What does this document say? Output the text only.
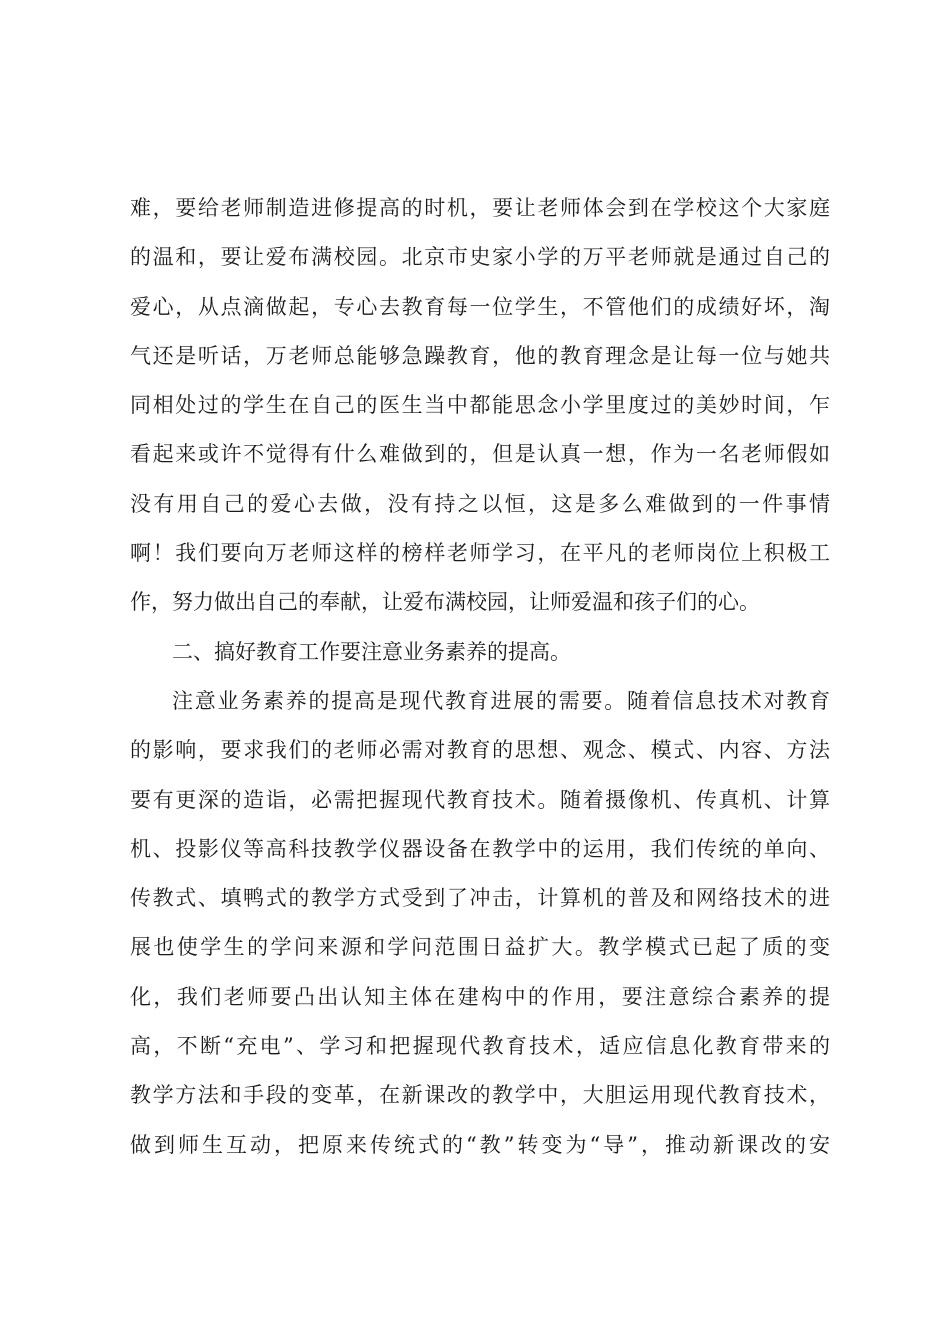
难，要给老师制造进修提高的时机，要让老师体会到在学校这个大家庭
的温和，要让爱布满校园。北京市史家小学的万平老师就是通过自己的
爱心，从点滴做起，专心去教育每一位学生，不管他们的成绩好坏，淘
气还是听话，万老师总能够急躁教育，他的教育理念是让每一位与她共
同相处过的学生在自己的医生当中都能思念小学里度过的美妙时间，乍
看起来或许不觉得有什么难做到的，但是认真一想，作为一名老师假如
没有用自己的爱心去做，没有持之以恒，这是多么难做到的一件事情
啊！我们要向万老师这样的榜样老师学习，在平凡的老师岗位上积极工
作，努力做出自己的奉献，让爱布满校园，让师爱温和孩子们的心。
二、搞好教育工作要注意业务素养的提高。
注意业务素养的提高是现代教育进展的需要。随着信息技术对教育
的影响，要求我们的老师必需对教育的思想、观念、模式、内容、方法
要有更深的造诣，必需把握现代教育技术。随着摄像机、传真机、计算
机、投影仪等高科技教学仪器设备在教学中的运用，我们传统的单向、
传教式、填鸭式的教学方式受到了冲击，计算机的普及和网络技术的进
展也使学生的学问来源和学问范围日益扩大。教学模式已起了质的变
化，我们老师要凸出认知主体在建构中的作用，要注意综合素养的提
高，不断“充电”、学习和把握现代教育技术，适应信息化教育带来的
教学方法和手段的变革，在新课改的教学中，大胆运用现代教育技术，
做到师生互动，把原来传统式的“教”转变为“导”，推动新课改的安
